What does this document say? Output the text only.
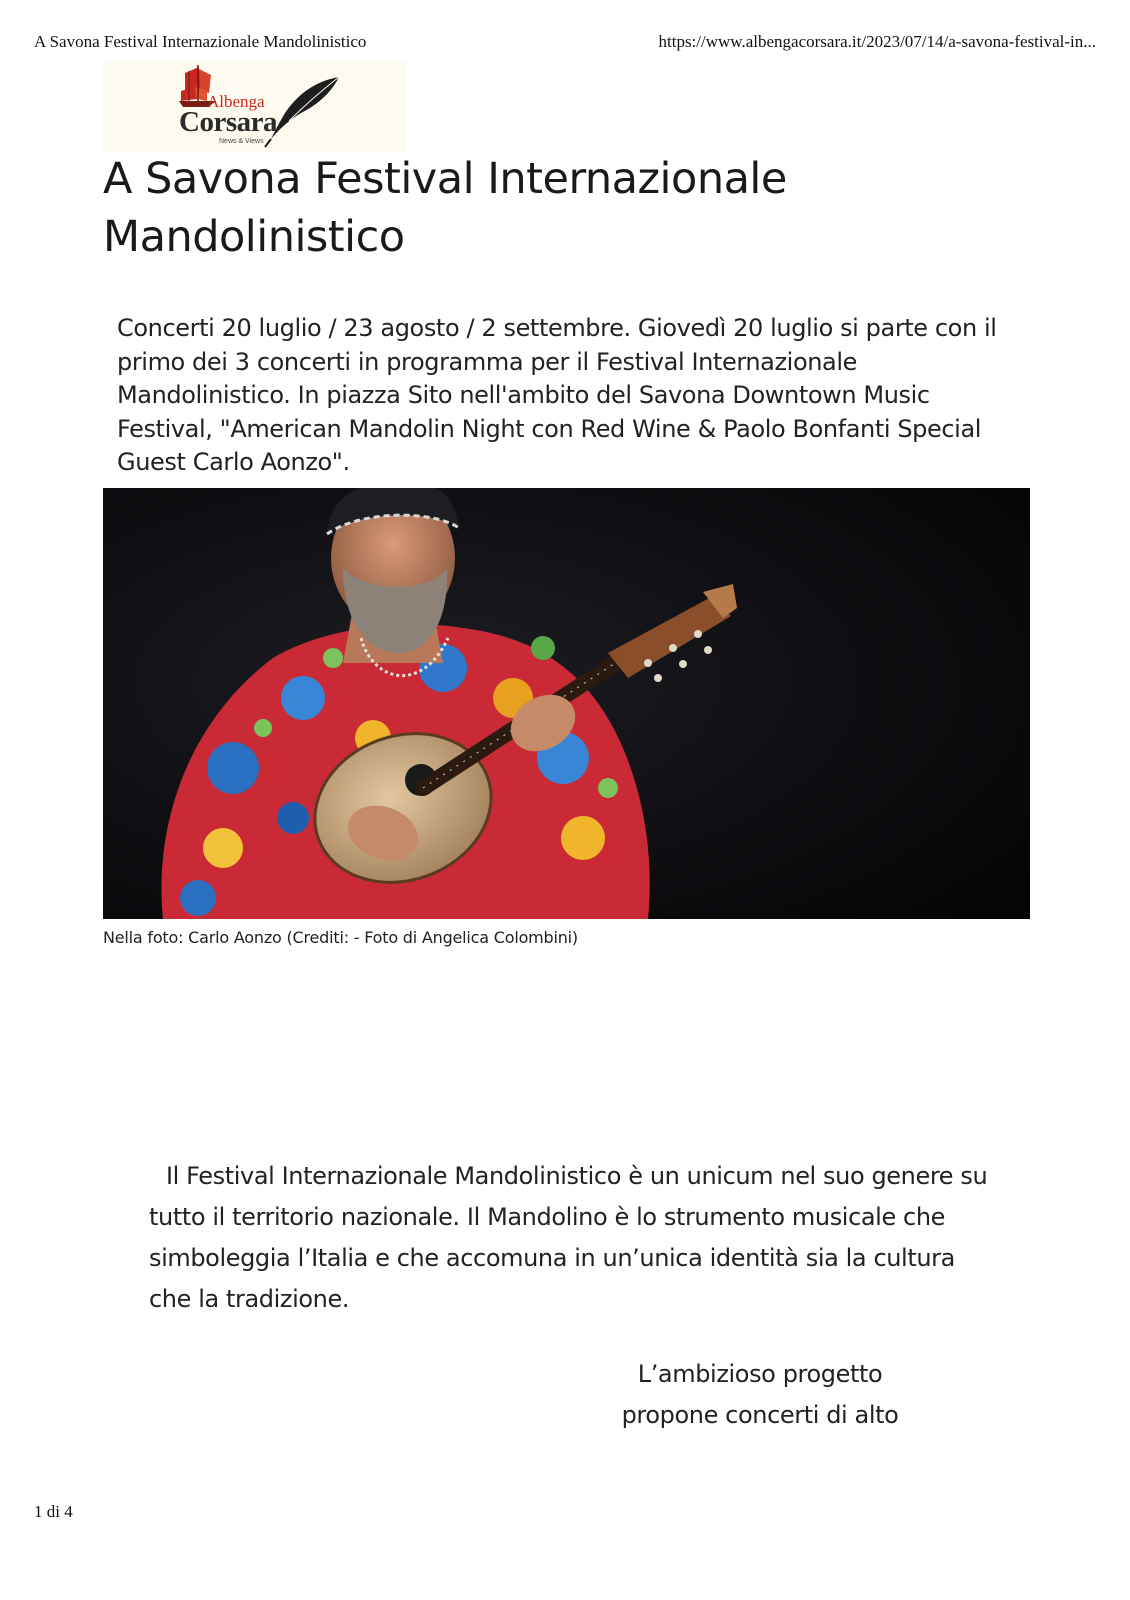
A Savona Festival Internazionale Mandolinistico	https://www.albengacorsara.it/2023/07/14/a-savona-festival-in...
Albenga
Corsara
News & Views
A Savona Festival Internazionale Mandolinistico

Concerti 20 luglio / 23 agosto / 2 settembre. Giovedì 20 luglio si parte con il primo dei 3 concerti in programma per il Festival Internazionale Mandolinistico. In piazza Sito nell'ambito del Savona Downtown Music Festival, "American Mandolin Night con Red Wine & Paolo Bonfanti Special Guest Carlo Aonzo".

Nella foto: Carlo Aonzo (Crediti: - Foto di Angelica Colombini)

Il Festival Internazionale Mandolinistico è un unicum nel suo genere su tutto il territorio nazionale. Il Mandolino è lo strumento musicale che simboleggia l’Italia e che accomuna in un’unica identità sia la cultura che la tradizione.

L’ambizioso progetto propone concerti di alto

1 di 4
